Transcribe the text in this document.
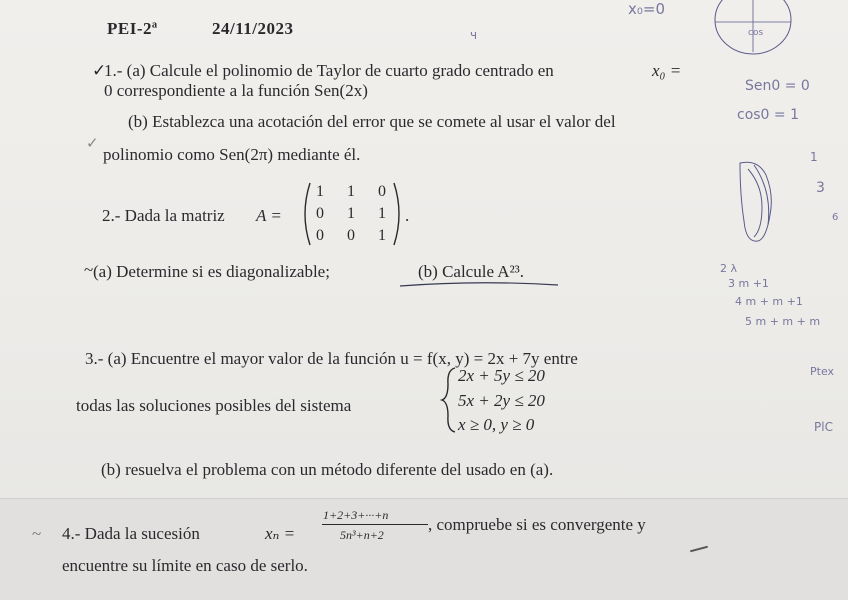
PEI-2ª	24/11/2023
✓
1.- (a) Calcule el polinomio de Taylor de cuarto grado centrado en	x₀ =
0 correspondiente a la función Sen(2x)
✓
(b) Establezca una acotación del error que se comete al usar el valor del
polinomio como Sen(2π) mediante él.
2.- Dada la matriz A =
1 1 0
0 1 1
0 0 1
.
~ (a) Determine si es diagonalizable;	(b) Calcule A²³.
3.- (a) Encuentre el mayor valor de la función u = f(x, y) = 2x + 7y entre
todas las soluciones posibles del sistema
2x + 5y ≤ 20
5x + 2y ≤ 20
x ≥ 0, y ≥ 0
(b) resuelva el problema con un método diferente del usado en (a).
~ 4.- Dada la sucesión	xₙ =
1+2+3+···+n
5n³+n+2
, compruebe si es convergente y
encuentre su límite en caso de serlo.
x₀=0
cos
ч
Sen0 = 0
cos0 = 1
1
3
6
2 λ
3 m +1
4 m + m +1
5 m + m + m
Ptex
PlC
